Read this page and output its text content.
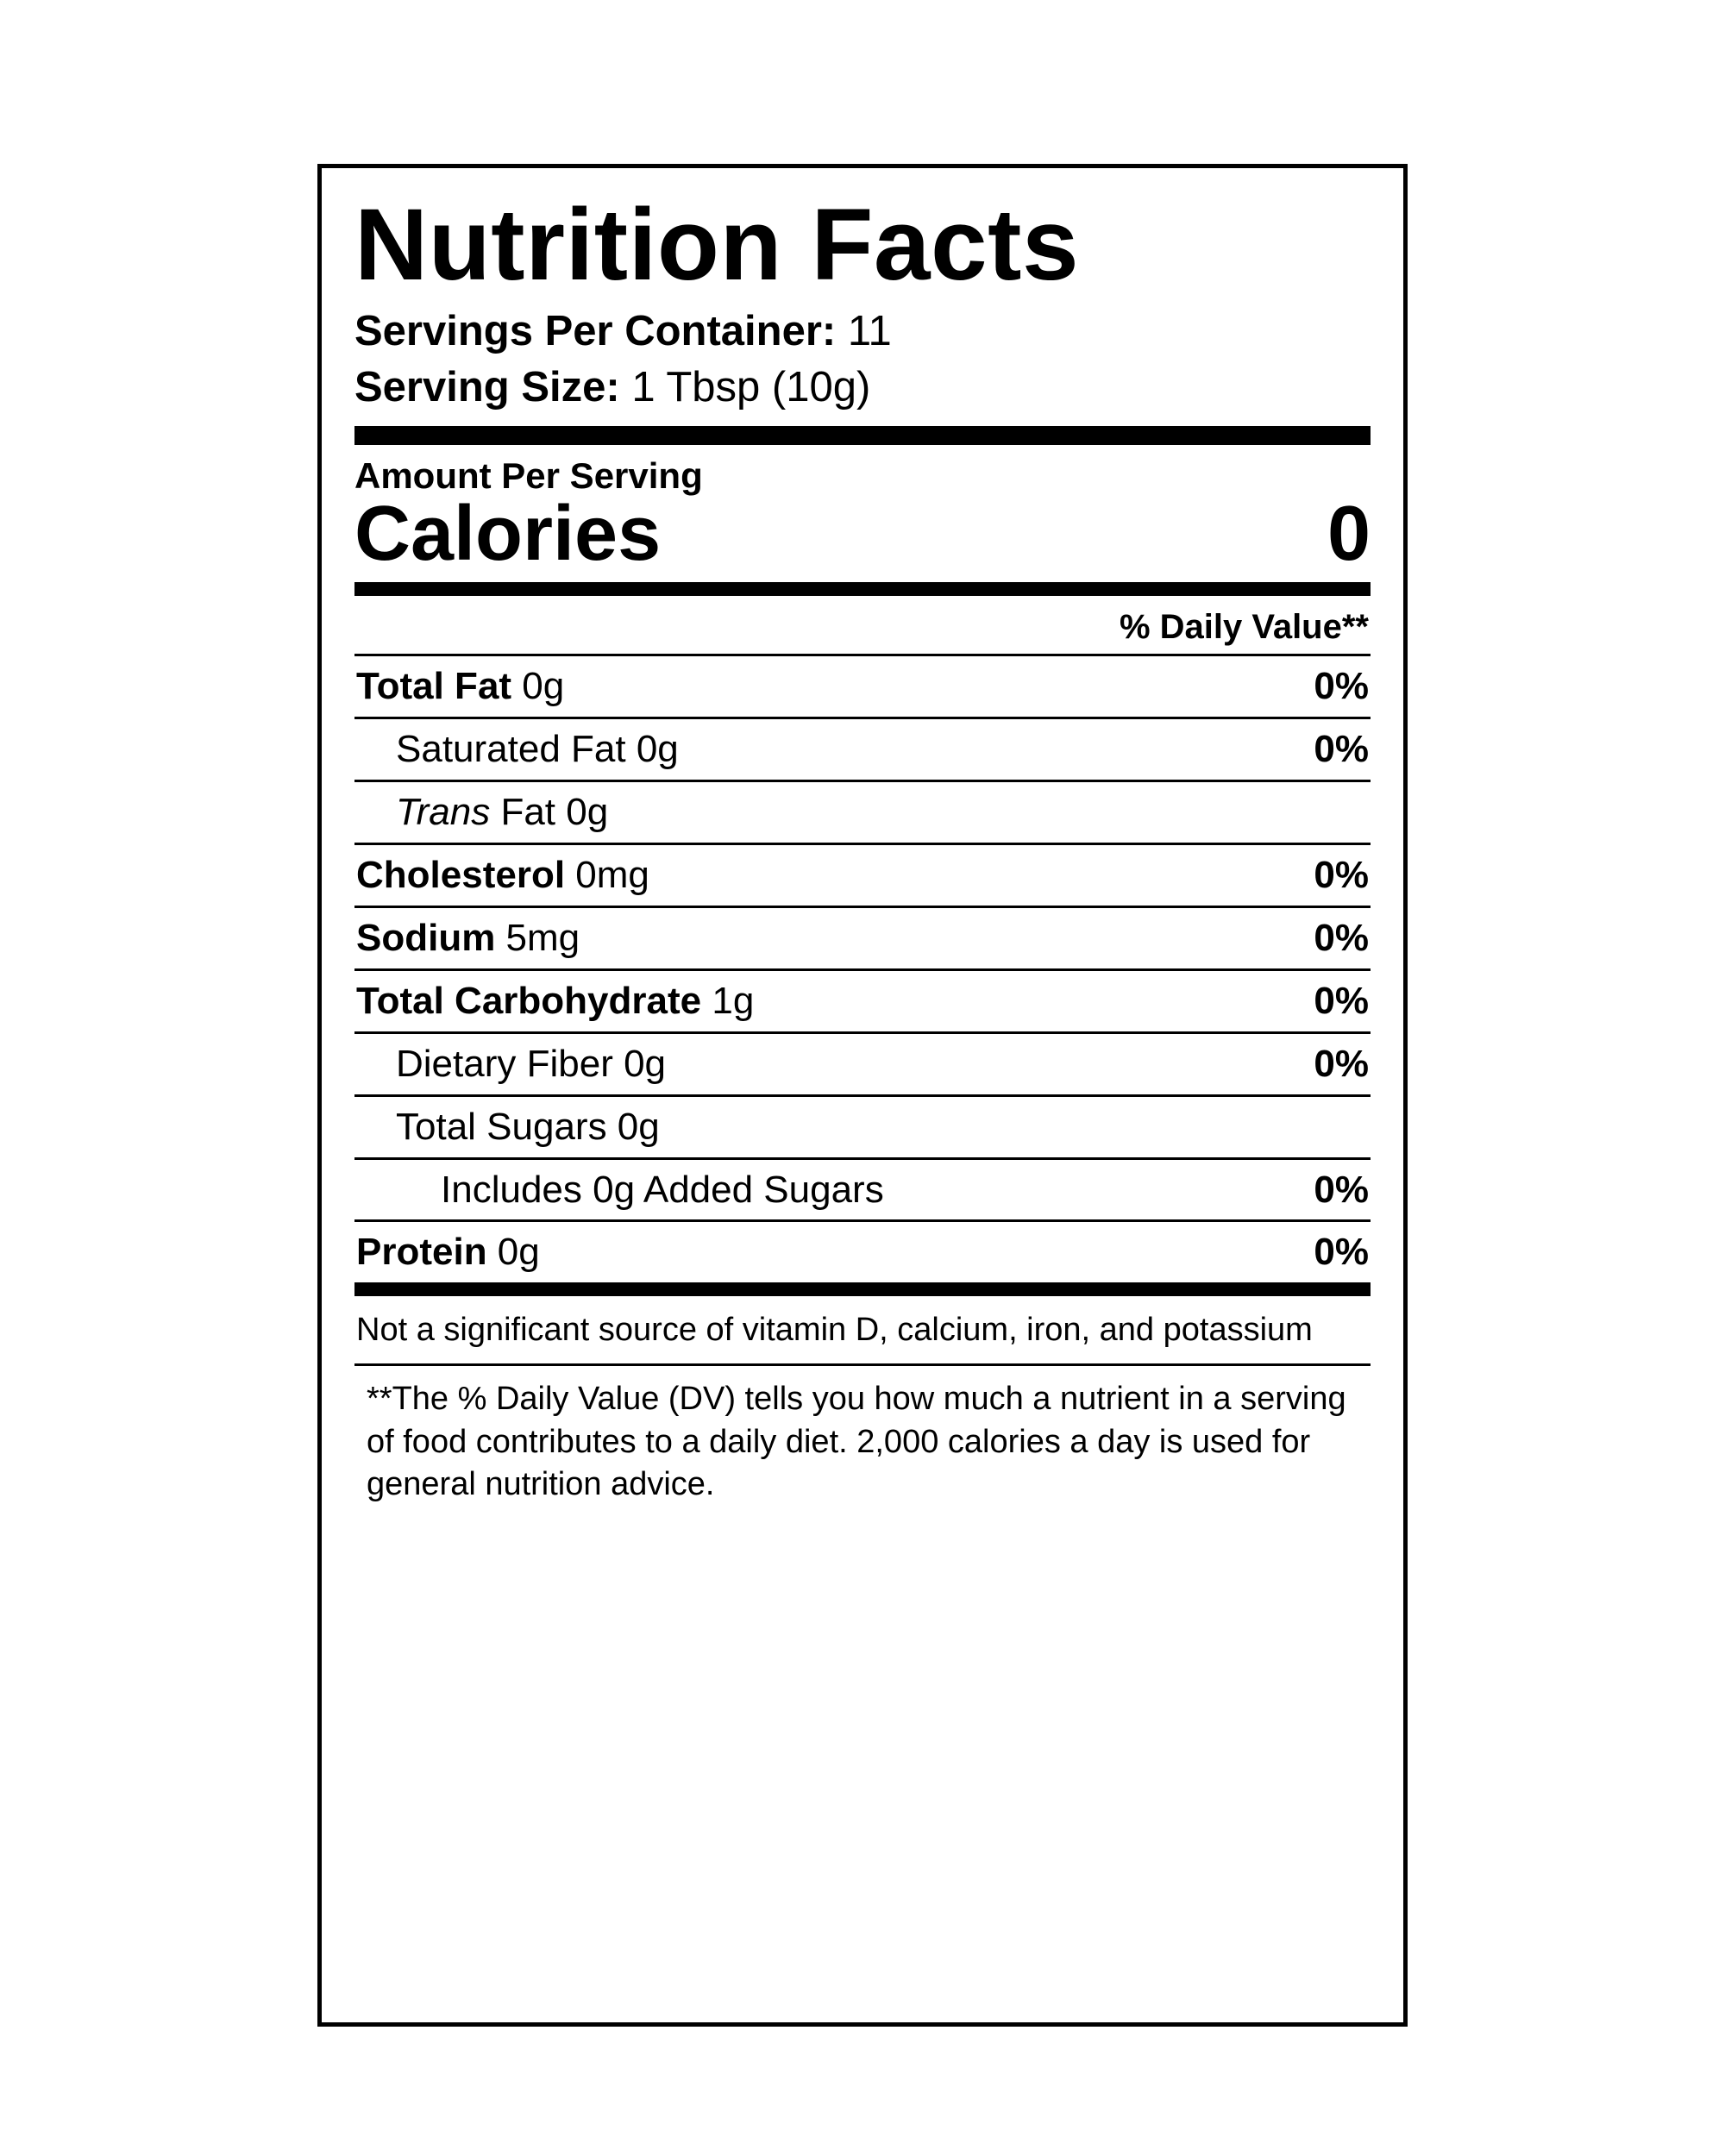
Nutrition Facts
Servings Per Container: 11
Serving Size: 1 Tbsp (10g)
Amount Per Serving
Calories	0
% Daily Value**
Total Fat 0g	0%
Saturated Fat 0g	0%
Trans Fat 0g
Cholesterol 0mg	0%
Sodium 5mg	0%
Total Carbohydrate 1g	0%
Dietary Fiber 0g	0%
Total Sugars 0g
Includes 0g Added Sugars	0%
Protein 0g	0%
Not a significant source of vitamin D, calcium, iron, and potassium
**The % Daily Value (DV) tells you how much a nutrient in a serving of food contributes to a daily diet. 2,000 calories a day is used for general nutrition advice.
